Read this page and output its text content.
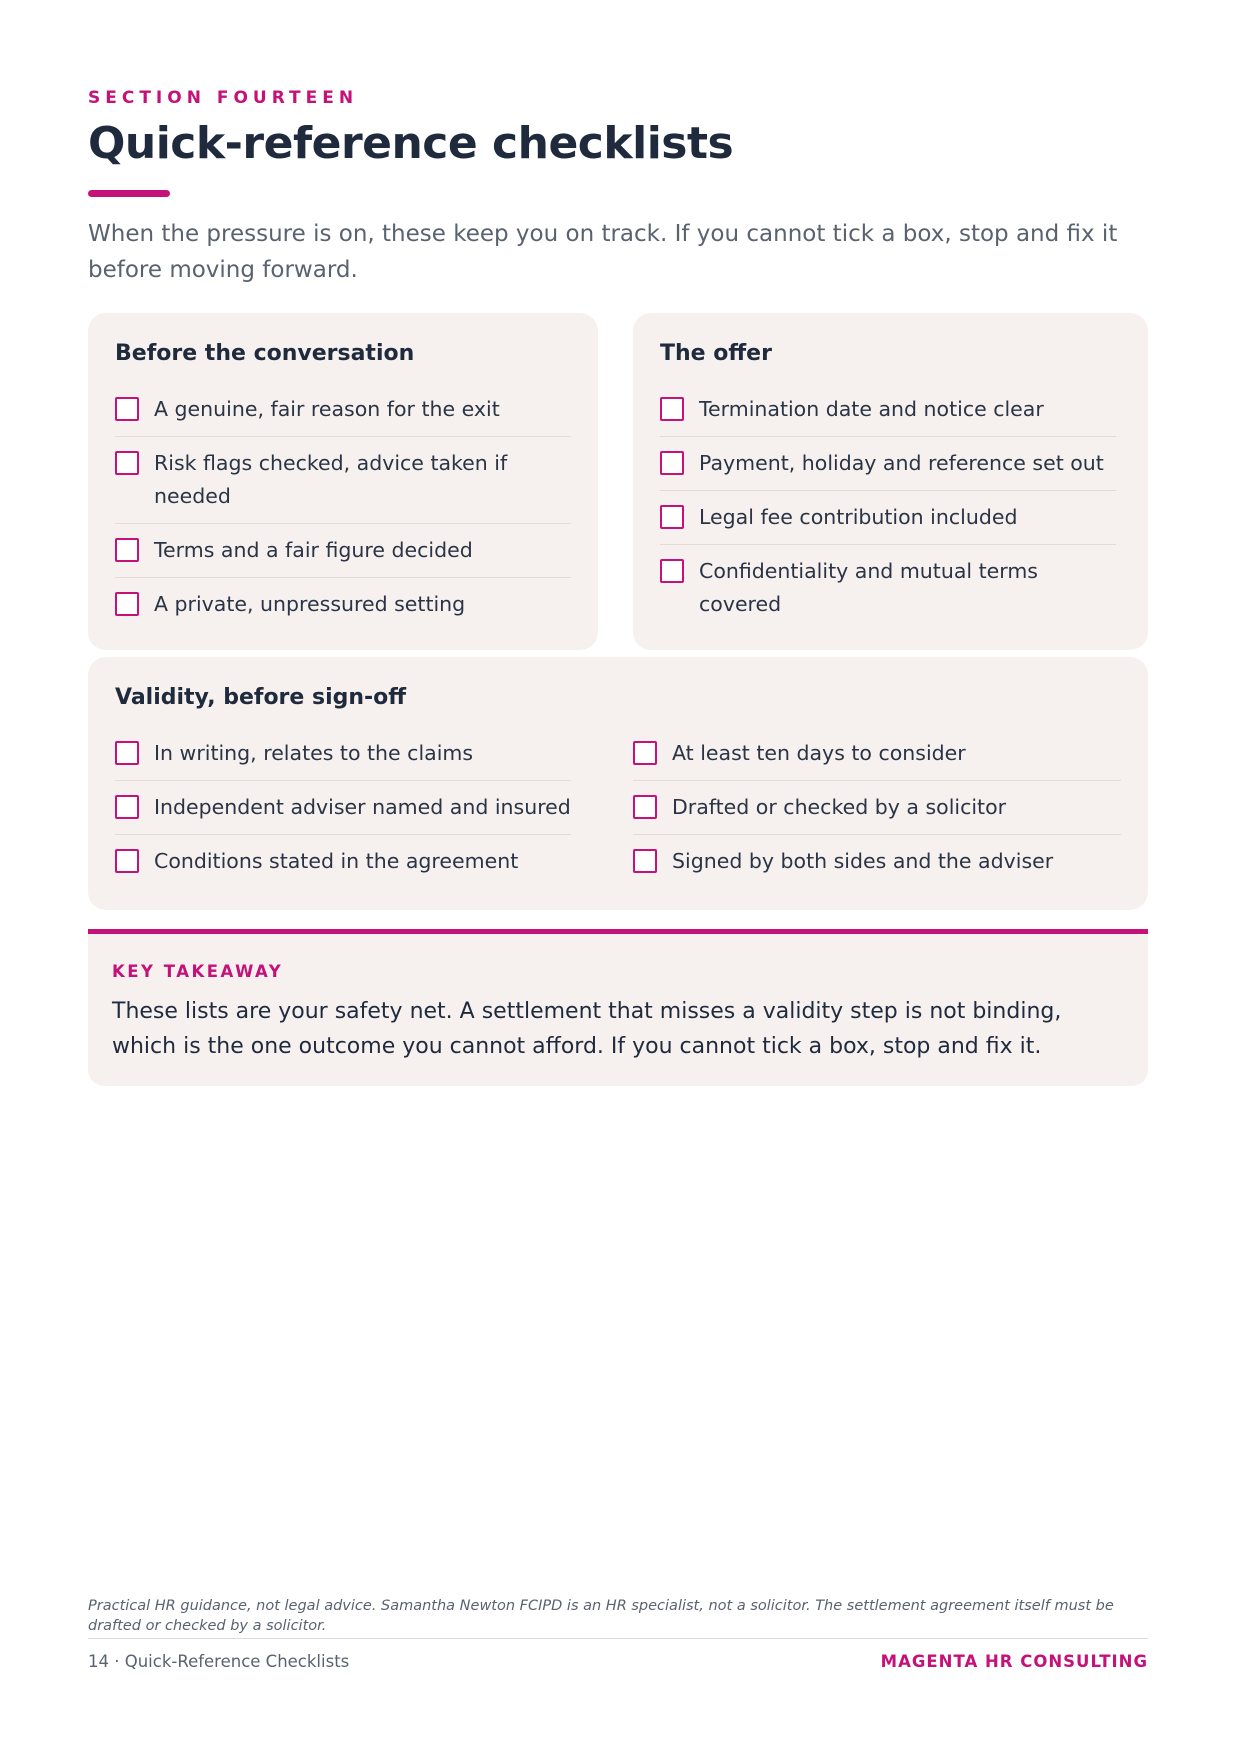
SECTION FOURTEEN
Quick-reference checklists

When the pressure is on, these keep you on track. If you cannot tick a box, stop and fix it before moving forward.

Before the conversation
A genuine, fair reason for the exit
Risk flags checked, advice taken if needed
Terms and a fair figure decided
A private, unpressured setting
The offer
Termination date and notice clear
Payment, holiday and reference set out
Legal fee contribution included
Confidentiality and mutual terms covered
Validity, before sign-off
In writing, relates to the claims
Independent adviser named and insured
Conditions stated in the agreement
At least ten days to consider
Drafted or checked by a solicitor
Signed by both sides and the adviser
KEY TAKEAWAY

These lists are your safety net. A settlement that misses a validity step is not binding, which is the one outcome you cannot afford. If you cannot tick a box, stop and fix it.

Practical HR guidance, not legal advice. Samantha Newton FCIPD is an HR specialist, not a solicitor. The settlement agreement itself must be drafted or checked by a solicitor.

14 · Quick-Reference Checklists	MAGENTA HR CONSULTING
